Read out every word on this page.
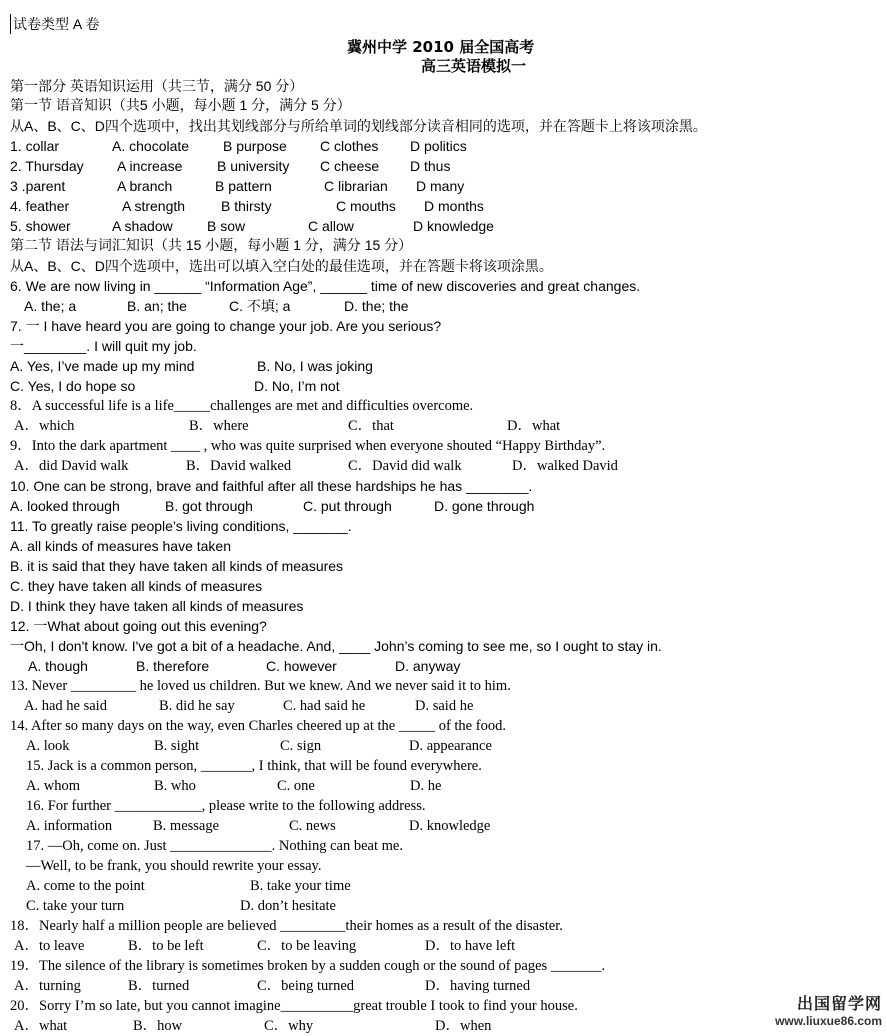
试卷类型 A 卷
冀州中学 2010 届全国高考
高三英语模拟一
第一部分 英语知识运用（共三节，满分 50 分）
第一节 语音知识（共5 小题，每小题 1 分，满分 5 分）
从A、B、C、D四个选项中，找出其划线部分与所给单词的划线部分读音相同的选项，并在答题卡上将该项涂黑。
1. collar	A. chocolate B purpose C clothes D politics
2. Thursday A increase B university C cheese D thus
3 .parent	A branch	B pattern	C librarian D many
4. feather	A strength	B thirsty	C mouths D months
5. shower	A shadow B sow	C allow	D knowledge
第二节 语法与词汇知识（共 15 小题，每小题 1 分，满分 15 分）
从A、B、C、D四个选项中，选出可以填入空白处的最佳选项，并在答题卡将该项涂黑。
6. We are now living in ______ “Information Age”, ______ time of new discoveries and great changes.
A. the; a	B. an; the	C. 不填; a	D. the; the
7. 一 I have heard you are going to change your job. Are you serious?
一________. I will quit my job.
A. Yes, I’ve made up my mind	B. No, I was joking
C. Yes, I do hope so	D. No, I’m not
8．A successful life is a life_____challenges are met and difficulties overcome.
A．which	B．where	C．that	D．what
9．Into the dark apartment ____ , who was quite surprised when everyone shouted “Happy Birthday”.
A．did David walk	B．David walked	C．David did walk	D．walked David
10. One can be strong, brave and faithful after all these hardships he has ________.
A. looked through	B. got through	C. put through	D. gone through
11. To greatly raise people’s living conditions, _______.
A. all kinds of measures have taken
B. it is said that they have taken all kinds of measures
C. they have taken all kinds of measures
D. I think they have taken all kinds of measures
12. 一What about going out this evening?
一Oh, I don't know. I've got a bit of a headache. And, ____ John’s coming to see me, so I ought to stay in.
A. though	B. therefore	C. however	D. anyway
13. Never _________ he loved us children. But we knew. And we never said it to him.
A. had he said	B. did he say	C. had said he	D. said he
14. After so many days on the way, even Charles cheered up at the _____ of the food.
A. look	B. sight	C. sign	D. appearance
15. Jack is a common person, _______, I think, that will be found everywhere.
A. whom	B. who	C. one	D. he
16. For further ____________, please write to the following address.
A. information	B. message	C. news	D. knowledge
17. —Oh, come on. Just ______________. Nothing can beat me.
—Well, to be frank, you should rewrite your essay.
A. come to the point	B. take your time
C. take your turn	D. don’t hesitate
18．Nearly half a million people are believed _________their homes as a result of the disaster.
A．to leave	B．to be left	C．to be leaving	D．to have left
19．The silence of the library is sometimes broken by a sudden cough or the sound of pages _______.
A．turning	B．turned	C．being turned	D．having turned
20．Sorry I’m so late, but you cannot imagine__________great trouble I took to find your house.
A．what	B．how	C．why	D．when
出国留学网
www.liuxue86.com
